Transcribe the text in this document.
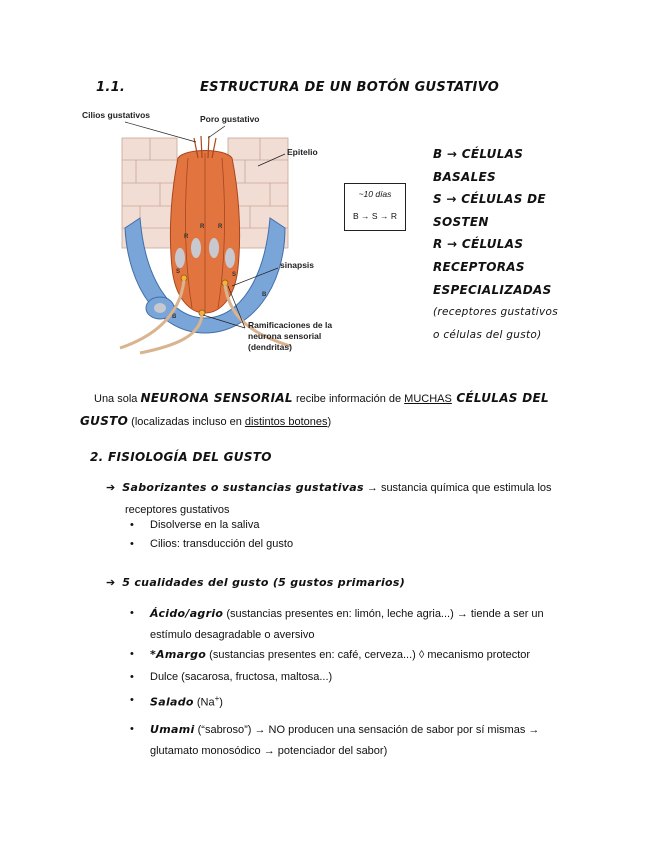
1.1.	ESTRUCTURA DE UN BOTÓN GUSTATIVO
B
B
R
R R
S	S
Cilios gustativos	Poro gustativo
Epitelio
sinapsis
Ramificaciones de la
neurona sensorial
(dendritas)
~10 días
B → S → R
B → CÉLULAS
BASALES
S → CÉLULAS DE
SOSTEN
R → CÉLULAS
RECEPTORAS
ESPECIALIZADAS
(receptores gustativos
o células del gusto)
Una sola NEURONA SENSORIAL recibe información de MUCHAS CÉLULAS DEL
GUSTO (localizadas incluso en distintos botones)
2. FISIOLOGÍA DEL GUSTO
➔ Saborizantes o sustancias gustativas → sustancia química que estimula los
receptores gustativos
• Disolverse en la saliva
• Cilios: transducción del gusto
➔ 5 cualidades del gusto (5 gustos primarios)
• Ácido/agrio (sustancias presentes en: limón, leche agria...) → tiende a ser un
estímulo desagradable o aversivo
• *Amargo (sustancias presentes en: café, cerveza...) ◊ mecanismo protector
• Dulce (sacarosa, fructosa, maltosa...)
• Salado (Na+)
• Umami (“sabroso”) → NO producen una sensación de sabor por sí mismas →
glutamato monosódico → potenciador del sabor)
